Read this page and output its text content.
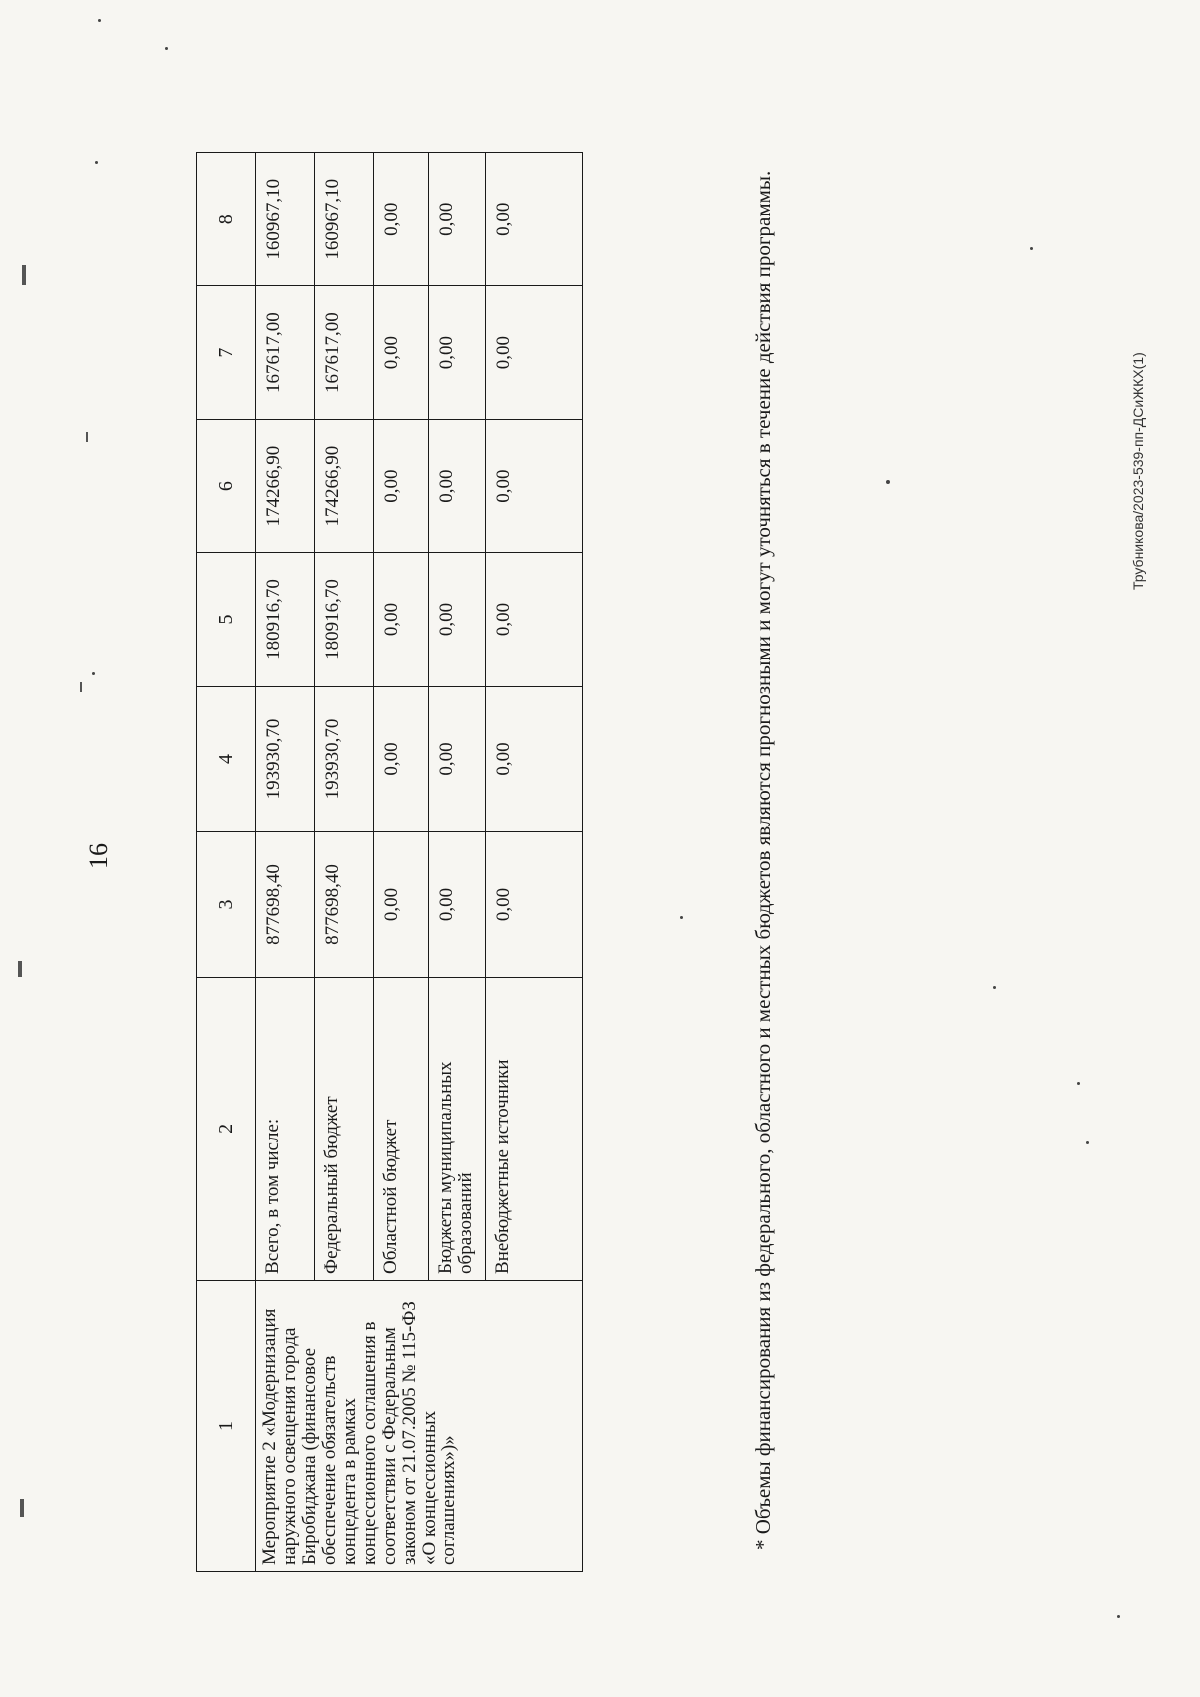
16
1	2	3	4	5	6	7	8
Мероприятие 2 «Модернизация наружного освещения города Биробиджана (финансовое обеспечение обязательств концедента в рамках концессионного соглашения в соответствии с Федеральным законом от 21.07.2005 № 115-ФЗ «О концессионных соглашениях»)»	Всего, в том числе:	877698,40	193930,70	180916,70	174266,90	167617,00	160967,10
	Федеральный бюджет	877698,40	193930,70	180916,70	174266,90	167617,00	160967,10
	Областной бюджет	0,00	0,00	0,00	0,00	0,00	0,00
	Бюджеты муниципальных образований	0,00	0,00	0,00	0,00	0,00	0,00
	Внебюджетные источники	0,00	0,00	0,00	0,00	0,00	0,00	* Объемы финансирования из федерального, областного и местных бюджетов являются прогнозными и могут уточняться в течение действия программы.	Трубникова/2023-539-пп-ДСиЖКХ(1)
